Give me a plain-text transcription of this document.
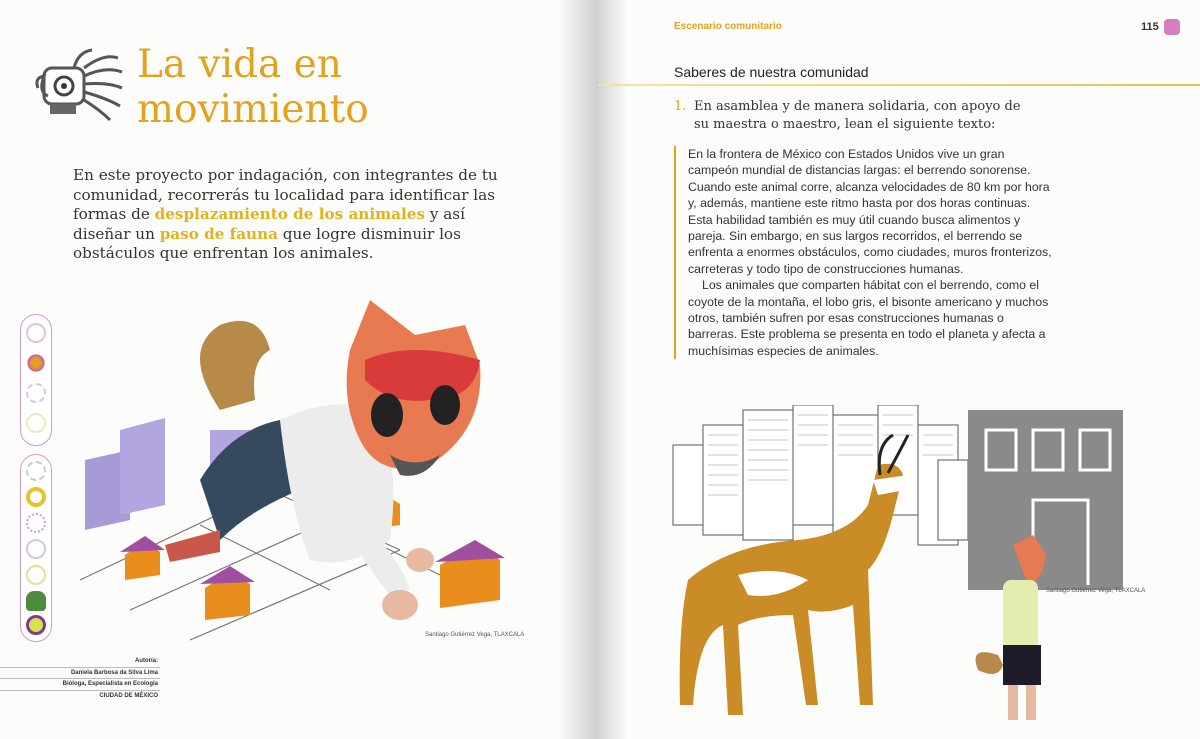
La vida en
movimiento

En este proyecto por indagación, con integrantes de tu comunidad, recorrerás tu localidad para identificar las formas de desplazamiento de los animales y así diseñar un paso de fauna que logre disminuir los obstáculos que enfrentan los animales.

Santiago Gutiérrez Vega, TLAXCALA
Autoría:
Daniela Barbosa da Silva Lima
Bióloga, Especialista en Ecología
CIUDAD DE MÉXICO
Escenario comunitario	115
Saberes de nuestra comunidad
1. En asamblea y de manera solidaria, con apoyo de su maestra o maestro, lean el siguiente texto:

En la frontera de México con Estados Unidos vive un gran campeón mundial de distancias largas: el berrendo sonorense. Cuando este animal corre, alcanza velocidades de 80 km por hora y, además, mantiene este ritmo hasta por dos horas continuas. Esta habilidad también es muy útil cuando busca alimentos y pareja. Sin embargo, en sus largos recorridos, el berrendo se enfrenta a enormes obstáculos, como ciudades, muros fronterizos, carreteras y todo tipo de construcciones humanas.

Los animales que comparten hábitat con el berrendo, como el coyote de la montaña, el lobo gris, el bisonte americano y muchos otros, también sufren por esas construcciones humanas o barreras. Este problema se presenta en todo el planeta y afecta a muchísimas especies de animales.

Santiago Gutiérrez Vega, TLAXCALA
